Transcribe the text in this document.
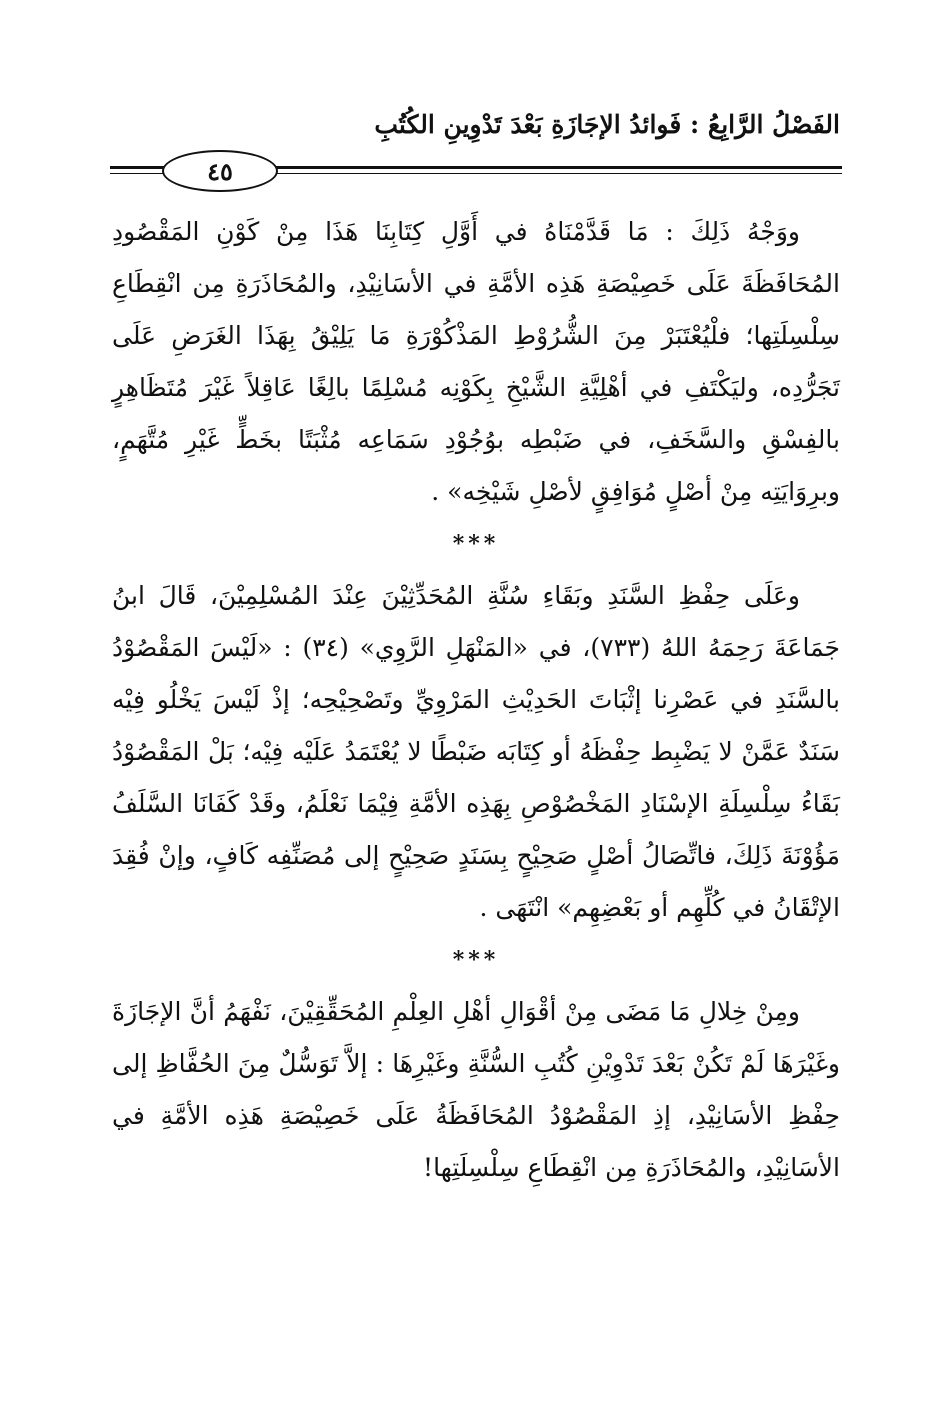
الفَصْلُ الرَّابِعُ : فَوائدُ الإجَازَةِ بَعْدَ تَدْوِينِ الكُتُبِ
٤٥

ووَجْهُ ذَلِكَ : مَا قَدَّمْنَاهُ في أَوَّلِ كِتَابِنَا هَذَا مِنْ كَوْنِ المَقْصُودِ المُحَافَظَةَ عَلَى خَصِيْصَةِ هَذِه الأمَّةِ في الأسَانِيْدِ، والمُحَاذَرَةِ مِن انْقِطَاعِ سِلْسِلَتِها؛ فلْيُعْتَبَرْ مِنَ الشُّرُوْطِ المَذْكُوْرَةِ مَا يَلِيْقُ بِهَذَا الغَرَضِ عَلَى تَجَرُّدِه، وليَكْتَفِ في أهْلِيَّةِ الشَّيْخِ بِكَوْنِه مُسْلِمًا بالِغًا عَاقِلاً غَيْرَ مُتَظَاهِرٍ بالفِسْقِ والسَّخَفِ، في ضَبْطِه بوُجُوْدِ سَمَاعِه مُثْبَتًا بخَطٍّ غَيْرِ مُتَّهَمٍ، وبرِوَايَتِه مِنْ أصْلٍ مُوَافِقٍ لأصْلِ شَيْخِه» .

***

وعَلَى حِفْظِ السَّنَدِ وبَقَاءِ سُنَّةِ المُحَدِّثِيْنَ عِنْدَ المُسْلِمِيْنَ، قَالَ ابنُ جَمَاعَةَ رَحِمَهُ اللهُ (٧٣٣)، في «المَنْهَلِ الرَّوِي» (٣٤) : «لَيْسَ المَقْصُوْدُ بالسَّنَدِ في عَصْرِنا إثْبَاتَ الحَدِيْثِ المَرْوِيِّ وتَصْحِيْحِه؛ إذْ لَيْسَ يَخْلُو فِيْه سَنَدٌ عَمَّنْ لا يَضْبِط حِفْظَهُ أو كِتَابَه ضَبْطًا لا يُعْتَمَدُ عَلَيْه فِيْه؛ بَلْ المَقْصُوْدُ بَقَاءُ سِلْسِلَةِ الإسْنَادِ المَخْصُوْصِ بِهَذِه الأمَّةِ فِيْمَا نَعْلَمُ، وقَدْ كَفَانَا السَّلَفُ مَؤُوْنَةَ ذَلِكَ، فاتِّصَالُ أصْلٍ صَحِيْحٍ بِسَنَدٍ صَحِيْحٍ إلى مُصَنِّفِه كَافٍ، وإنْ فُقِدَ الإتْقَانُ في كُلِّهِم أو بَعْضِهِم» انْتَهَى .

***

ومِنْ خِلالِ مَا مَضَى مِنْ أقْوَالِ أهْلِ العِلْمِ المُحَقِّقِيْنَ، نَفْهَمُ أنَّ الإجَازَةَ وغَيْرَهَا لَمْ تَكُنْ بَعْدَ تَدْوِيْنِ كُتُبِ السُّنَّةِ وغَيْرِهَا : إلاَّ تَوَسُّلٌ مِنَ الحُفَّاظِ إلى حِفْظِ الأسَانِيْدِ، إذِ المَقْصُوْدُ المُحَافَظَةُ عَلَى خَصِيْصَةِ هَذِه الأمَّةِ في الأسَانِيْدِ، والمُحَاذَرَةِ مِن انْقِطَاعِ سِلْسِلَتِها!
